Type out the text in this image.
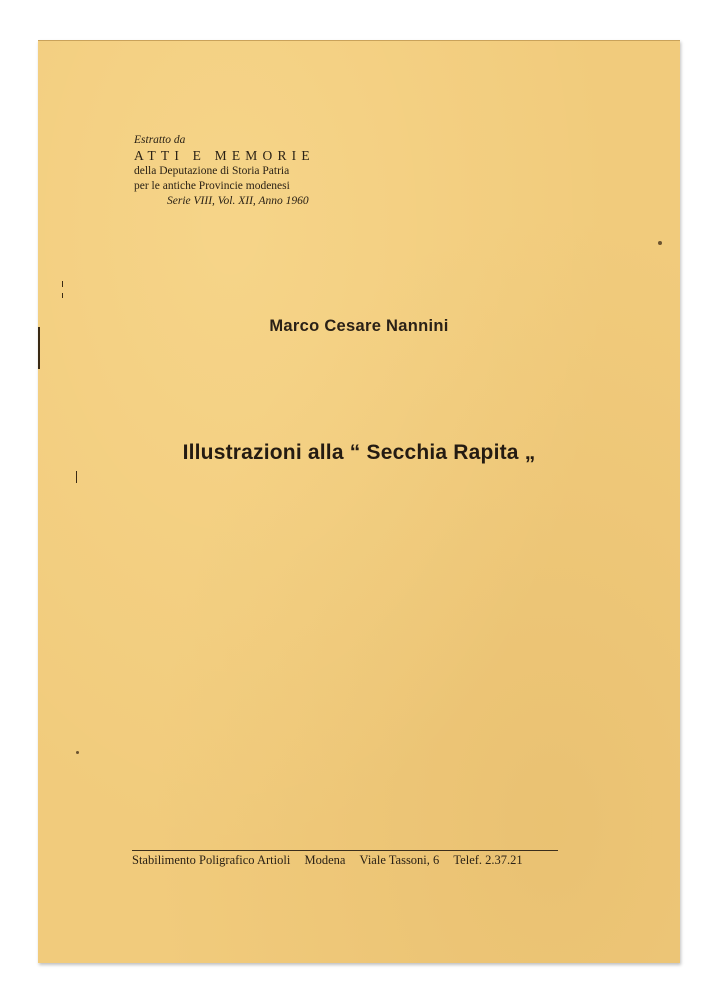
Estratto da
ATTI E MEMORIE
della Deputazione di Storia Patria
per le antiche Provincie modenesi
Serie VIII, Vol. XII, Anno 1960
Marco Cesare Nannini
Illustrazioni alla “ Secchia Rapita „
Stabilimento Poligrafico Artioli Modena Viale Tassoni, 6 Telef. 2.37.21
